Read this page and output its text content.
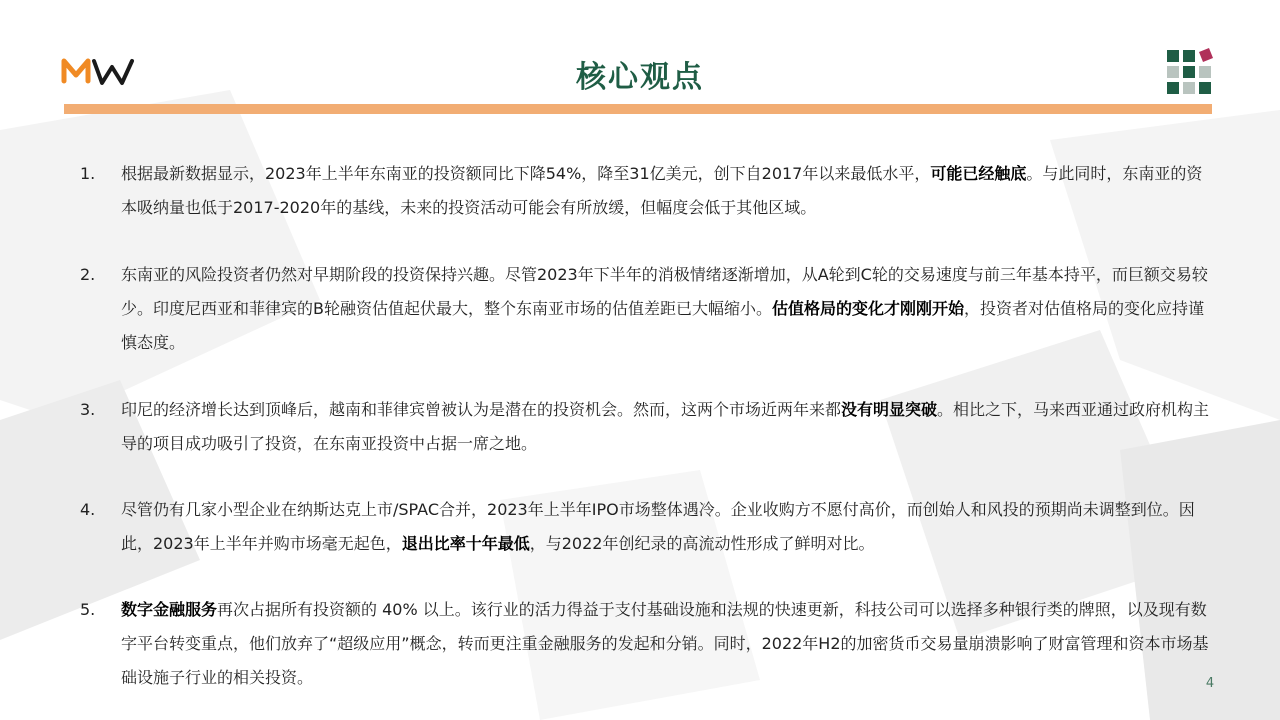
核心观点
1.	根据最新数据显示，2023年上半年东南亚的投资额同比下降54%，降至31亿美元，创下自2017年以来最低水平，可能已经触底。与此同时，东南亚的资本吸纳量也低于2017-2020年的基线，未来的投资活动可能会有所放缓，但幅度会低于其他区域。
2.	东南亚的风险投资者仍然对早期阶段的投资保持兴趣。尽管2023年下半年的消极情绪逐渐增加，从A轮到C轮的交易速度与前三年基本持平，而巨额交易较少。印度尼西亚和菲律宾的B轮融资估值起伏最大，整个东南亚市场的估值差距已大幅缩小。估值格局的变化才刚刚开始，投资者对估值格局的变化应持谨慎态度。
3.	印尼的经济增长达到顶峰后，越南和菲律宾曾被认为是潜在的投资机会。然而，这两个市场近两年来都没有明显突破。相比之下，马来西亚通过政府机构主导的项目成功吸引了投资，在东南亚投资中占据一席之地。
4.	尽管仍有几家小型企业在纳斯达克上市/SPAC合并，2023年上半年IPO市场整体遇冷。企业收购方不愿付高价，而创始人和风投的预期尚未调整到位。因此，2023年上半年并购市场毫无起色，退出比率十年最低，与2022年创纪录的高流动性形成了鲜明对比。
5.	数字金融服务再次占据所有投资额的 40% 以上。该行业的活力得益于支付基础设施和法规的快速更新，科技公司可以选择多种银行类的牌照，以及现有数字平台转变重点，他们放弃了“超级应用”概念，转而更注重金融服务的发起和分销。同时，2022年H2的加密货币交易量崩溃影响了财富管理和资本市场基础设施子行业的相关投资。	4
